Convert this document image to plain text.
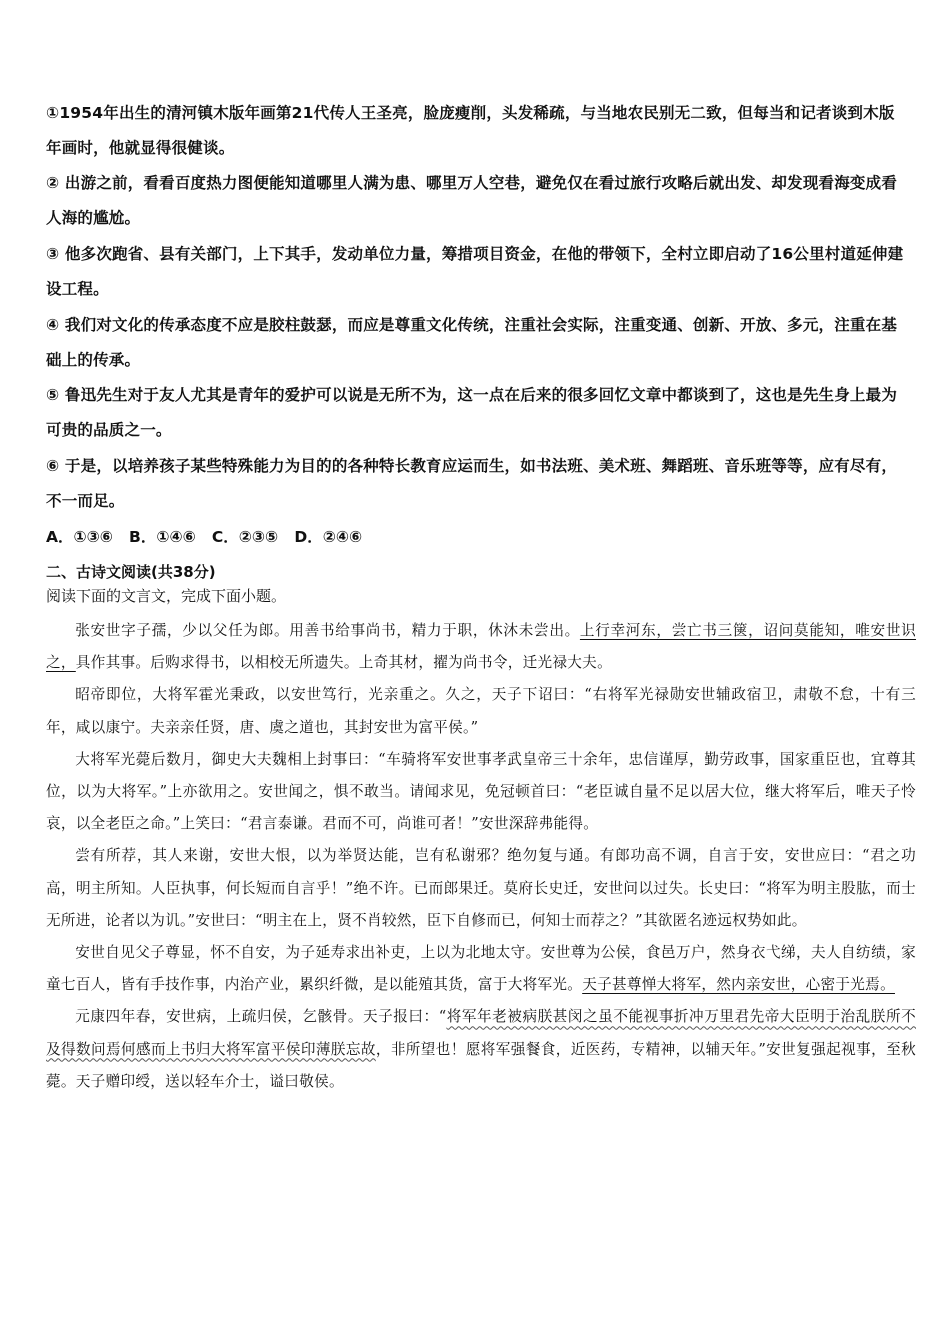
①1954年出生的清河镇木版年画第21代传人王圣亮，脸庞瘦削，头发稀疏，与当地农民别无二致，但每当和记者谈到木版年画时，他就显得很健谈。
② 出游之前，看看百度热力图便能知道哪里人满为患、哪里万人空巷，避免仅在看过旅行攻略后就出发、却发现看海变成看人海的尴尬。
③ 他多次跑省、县有关部门，上下其手，发动单位力量，筹措项目资金，在他的带领下，全村立即启动了16公里村道延伸建设工程。
④ 我们对文化的传承态度不应是胶柱鼓瑟，而应是尊重文化传统，注重社会实际，注重变通、创新、开放、多元，注重在基础上的传承。
⑤ 鲁迅先生对于友人尤其是青年的爱护可以说是无所不为，这一点在后来的很多回忆文章中都谈到了，这也是先生身上最为可贵的品质之一。
⑥ 于是，以培养孩子某些特殊能力为目的的各种特长教育应运而生，如书法班、美术班、舞蹈班、音乐班等等，应有尽有，不一而足。
A．①③⑥   B．①④⑥   C．②③⑤   D．②④⑥
二、古诗文阅读(共38分)
阅读下面的文言文，完成下面小题。

张安世字子孺，少以父任为郎。用善书给事尚书，精力于职，休沐未尝出。上行幸河东，尝亡书三箧，诏问莫能知，唯安世识之，具作其事。后购求得书，以相校无所遗失。上奇其材，擢为尚书令，迁光禄大夫。

昭帝即位，大将军霍光秉政，以安世笃行，光亲重之。久之，天子下诏曰：“右将军光禄勋安世辅政宿卫，肃敬不怠，十有三年，咸以康宁。夫亲亲任贤，唐、虞之道也，其封安世为富平侯。”

大将军光薨后数月，御史大夫魏相上封事曰：“车骑将军安世事孝武皇帝三十余年，忠信谨厚，勤劳政事，国家重臣也，宜尊其位，以为大将军。”上亦欲用之。安世闻之，惧不敢当。请闻求见，免冠顿首曰：“老臣诚自量不足以居大位，继大将军后，唯天子怜哀，以全老臣之命。”上笑曰：“君言泰谦。君而不可，尚谁可者！”安世深辞弗能得。

尝有所荐，其人来谢，安世大恨，以为举贤达能，岂有私谢邪？绝勿复与通。有郎功高不调，自言于安，安世应曰：“君之功高，明主所知。人臣执事，何长短而自言乎！”绝不许。已而郎果迁。莫府长史迁，安世问以过失。长史曰：“将军为明主股肱，而士无所进，论者以为讥。”安世曰：“明主在上，贤不肖较然，臣下自修而已，何知士而荐之？”其欲匿名迹远权势如此。

安世自见父子尊显，怀不自安，为子延寿求出补吏，上以为北地太守。安世尊为公侯，食邑万户，然身衣弋绨，夫人自纺绩，家童七百人，皆有手技作事，内治产业，累织纤微，是以能殖其货，富于大将军光。天子甚尊惮大将军，然内亲安世，心密于光焉。

元康四年春，安世病，上疏归侯，乞骸骨。天子报曰：“将军年老被病朕甚闵之虽不能视事折冲万里君先帝大臣明于治乱朕所不及得数问焉何感而上书归大将军富平侯印薄朕忘故，非所望也！愿将军强餐食，近医药，专精神，以辅天年。”安世复强起视事，至秋薨。天子赠印绶，送以轻车介士，谥曰敬侯。
